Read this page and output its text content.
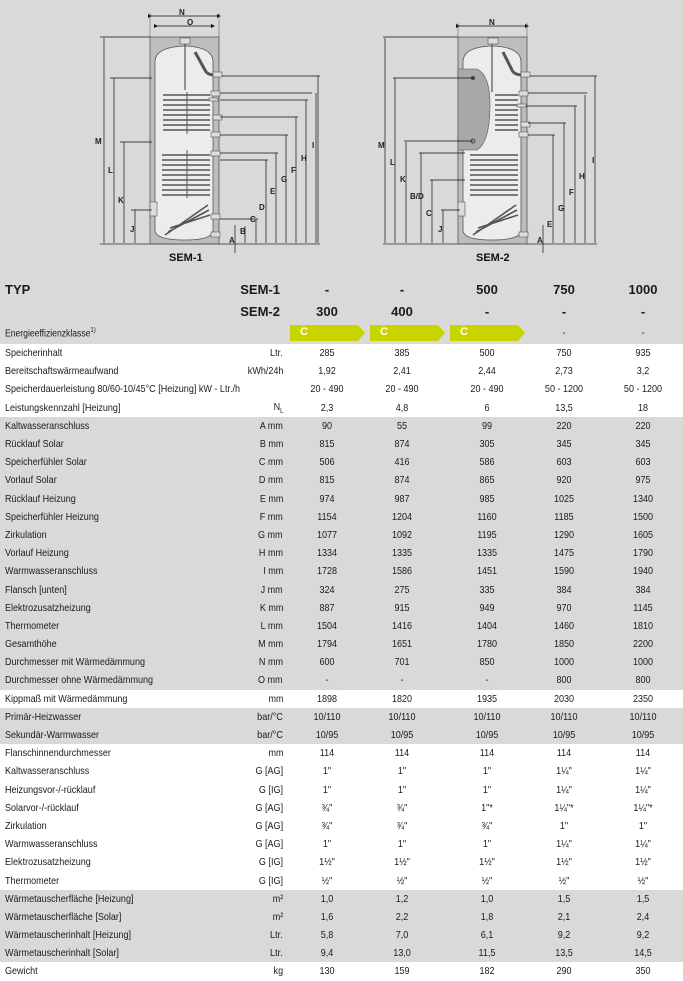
N
O
M
L
K
J
A
B
C
D
E
F
G
H
I
SEM-1
N
M
L
K
B/D
C
J
A
E
G
F
H
I
SEM-2
TYP	SEM-1	-	-	500	750	1000
SEM-2	300	400	-	-	-
Energieeffizienzklasse$^{1)}$	C	C	C	-	-
Speicherinhalt	Ltr.	285	385	500	750	935
Bereitschaftswärmeaufwand	kWh/24h	1,92	2,41	2,44	2,73	3,2
Speicherdauerleistung 80/60-10/45°C [Heizung] kW - Ltr./h	20 - 490	20 - 490	20 - 490	50 - 1200	50 - 1200
Leistungskennzahl [Heizung]	$N_L$	2,3	4,8	6	13,5	18
Kaltwasseranschluss	A mm	90	55	99	220	220
Rücklauf Solar	B mm	815	874	305	345	345
Speicherfühler Solar	C mm	506	416	586	603	603
Vorlauf Solar	D mm	815	874	865	920	975
Rücklauf Heizung	E mm	974	987	985	1025	1340
Speicherfühler Heizung	F mm	1154	1204	1160	1185	1500
Zirkulation	G mm	1077	1092	1195	1290	1605
Vorlauf Heizung	H mm	1334	1335	1335	1475	1790
Warmwasseranschluss	I mm	1728	1586	1451	1590	1940
Flansch [unten]	J mm	324	275	335	384	384
Elektrozusatzheizung	K mm	887	915	949	970	1145
Thermometer	L mm	1504	1416	1404	1460	1810
Gesamthöhe	M mm	1794	1651	1780	1850	2200
Durchmesser mit Wärmedämmung	N mm	600	701	850	1000	1000
Durchmesser ohne Wärmedämmung	O mm	-	-	-	800	800
Kippmaß mit Wärmedämmung	mm	1898	1820	1935	2030	2350
Primär-Heizwasser	bar/°C	10/110	10/110	10/110	10/110	10/110
Sekundär-Warmwasser	bar/°C	10/95	10/95	10/95	10/95	10/95
Flanschinnendurchmesser	mm	114	114	114	114	114
Kaltwasseranschluss	G [AG]	1"	1"	1"	1¼"	1¼"
Heizungsvor-/-rücklauf	G [IG]	1"	1"	1"	1¼"	1¼"
Solarvor-/-rücklauf	G [AG]	¾"	¾"	1"*	1¼"*	1¼"*
Zirkulation	G [AG]	¾"	¾"	¾"	1"	1"
Warmwasseranschluss	G [AG]	1"	1"	1"	1¼"	1¼"
Elektrozusatzheizung	G [IG]	1½"	1½"	1½"	1½"	1½"
Thermometer	G [IG]	½"	½"	½"	½"	½"
Wärmetauscherfläche [Heizung]	m²	1,0	1,2	1,0	1,5	1,5
Wärmetauscherfläche [Solar]	m²	1,6	2,2	1,8	2,1	2,4
Wärmetauscherinhalt [Heizung]	Ltr.	5,8	7,0	6,1	9,2	9,2
Wärmetauscherinhalt [Solar]	Ltr.	9,4	13,0	11,5	13,5	14,5
Gewicht	kg	130	159	182	290	350
